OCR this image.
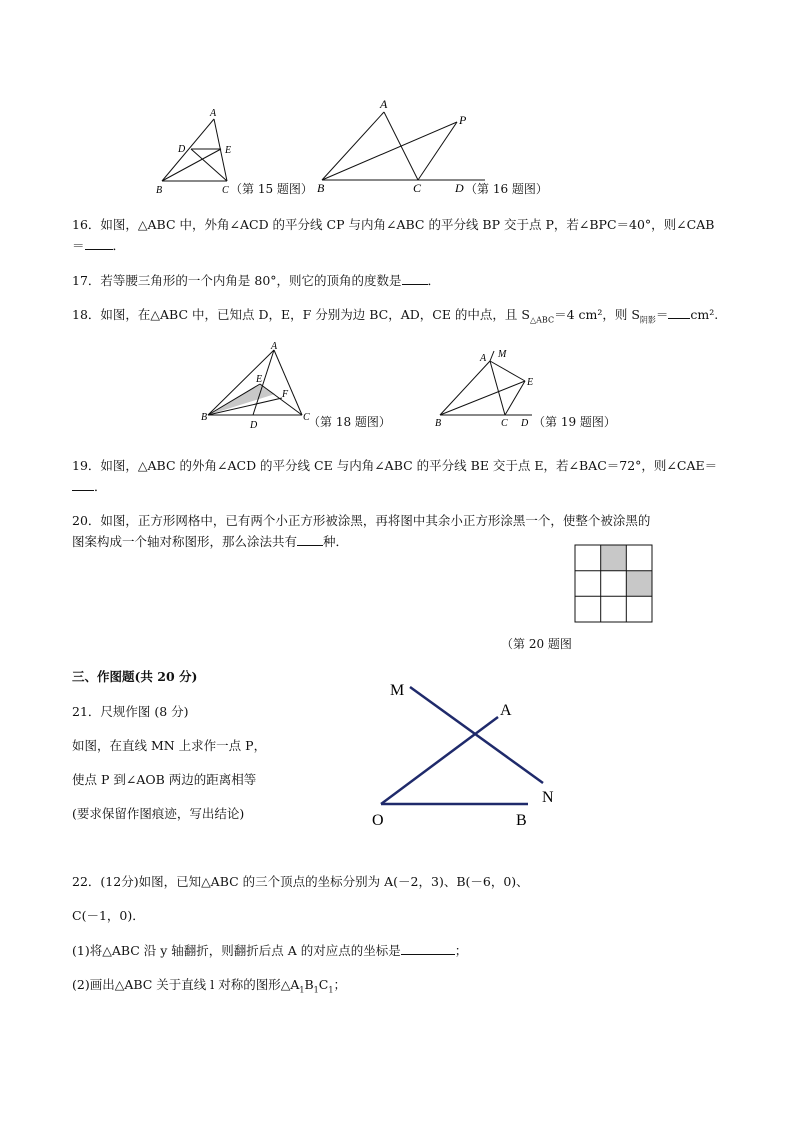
A
D	E
B	C （第 15 题图）
A
P
B	C	D （第 16 题图）
16．如图，△ABC 中，外角∠ACD 的平分线 CP 与内角∠ABC 的平分线 BP 交于点 P，若∠BPC＝40°，则∠CAB
＝ ．
17．若等腰三角形的一个内角是 80°，则它的顶角的度数是 ．
18．如图，在△ABC 中，已知点 D，E，F 分别为边 BC，AD，CE 的中点，且 $S_{\triangle ABC}=4$ cm²，则 $S_{阴影}= cm^2$.
A
E
F
B	C
D	（第 18 题图）
A M
E
B	C D （第 19 题图）
19．如图，△ABC 的外角∠ACD 的平分线 CE 与内角∠ABC 的平分线 BE 交于点 E，若∠BAC＝72°，则∠CAE＝
．
20．如图，正方形网格中，已有两个小正方形被涂黑，再将图中其余小正方形涂黑一个，使整个被涂黑的
图案构成一个轴对称图形，那么涂法共有 种．
（第 20 题图
三、作图题(共 20 分)
21．尺规作图 (8 分)
如图，在直线 MN 上求作一点 P，
使点 P 到∠AOB 两边的距离相等
(要求保留作图痕迹，写出结论)
M
A
N
O	B
22．(12分)如图，已知△ABC 的三个顶点的坐标分别为 A(－2，3)、B(－6，0)、
C(－1，0)．
(1)将△ABC 沿 y 轴翻折，则翻折后点 A 的对应点的坐标是	；
(2)画出△ABC 关于直线 l 对称的图形$\triangle A_1B_1C_1$；
